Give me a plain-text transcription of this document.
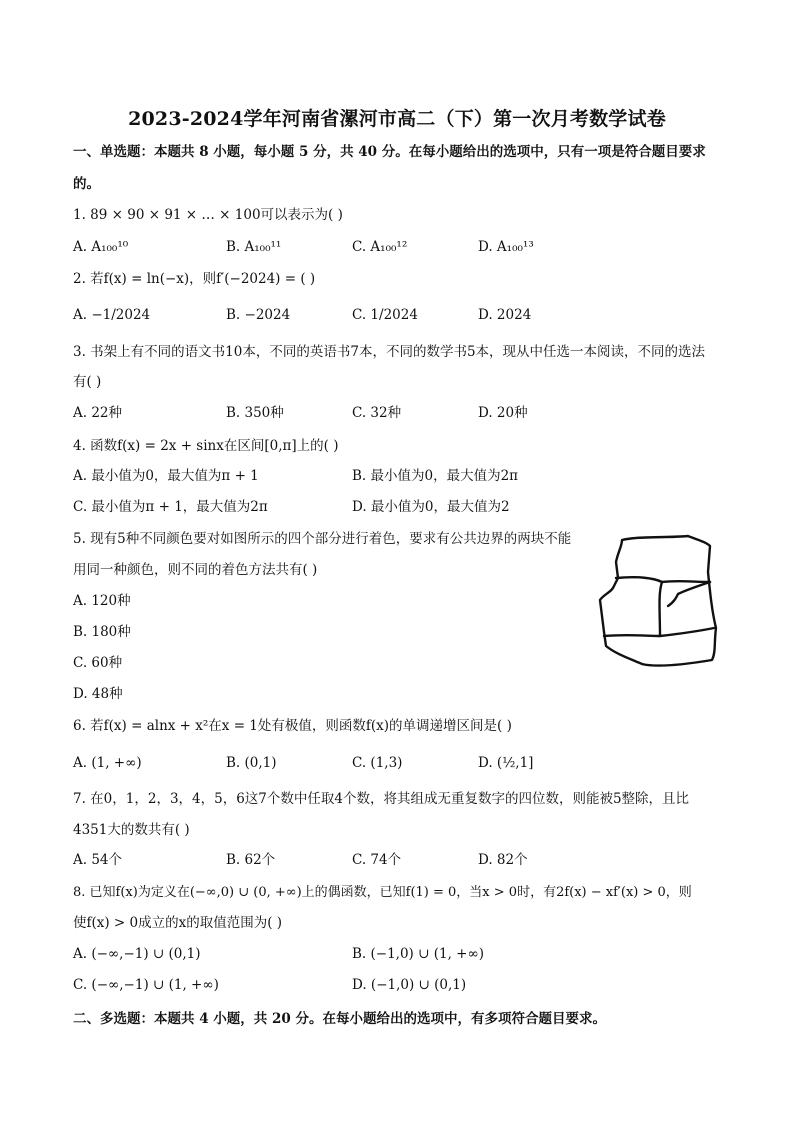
2023-2024学年河南省漯河市高二（下）第一次月考数学试卷
一、单选题：本题共 8 小题，每小题 5 分，共 40 分。在每小题给出的选项中，只有一项是符合题目要求
的。
1. 89 × 90 × 91 × … × 100可以表示为( )
A. A₁₀₀¹⁰	B. A₁₀₀¹¹	C. A₁₀₀¹²	D. A₁₀₀¹³
2. 若f(x) = ln(−x)，则f′(−2024) = ( )
A. −1/2024	B. −2024	C. 1/2024	D. 2024
3. 书架上有不同的语文书10本，不同的英语书7本，不同的数学书5本，现从中任选一本阅读，不同的选法
有( )
A. 22种	B. 350种	C. 32种	D. 20种
4. 函数f(x) = 2x + sinx在区间[0,π]上的( )
A. 最小值为0，最大值为π + 1	B. 最小值为0，最大值为2π
C. 最小值为π + 1，最大值为2π	D. 最小值为0，最大值为2
5. 现有5种不同颜色要对如图所示的四个部分进行着色，要求有公共边界的两块不能
用同一种颜色，则不同的着色方法共有( )
A. 120种
B. 180种
C. 60种
D. 48种
6. 若f(x) = alnx + x²在x = 1处有极值，则函数f(x)的单调递增区间是( )
A. (1, +∞)	B. (0,1)	C. (1,3)	D. (½,1]
7. 在0，1，2，3，4，5，6这7个数中任取4个数，将其组成无重复数字的四位数，则能被5整除，且比
4351大的数共有( )
A. 54个	B. 62个	C. 74个	D. 82个
8. 已知f(x)为定义在(−∞,0) ∪ (0, +∞)上的偶函数，已知f(1) = 0，当x > 0时，有2f(x) − xf′(x) > 0，则
使f(x) > 0成立的x的取值范围为( )
A. (−∞,−1) ∪ (0,1)	B. (−1,0) ∪ (1, +∞)
C. (−∞,−1) ∪ (1, +∞)	D. (−1,0) ∪ (0,1)
二、多选题：本题共 4 小题，共 20 分。在每小题给出的选项中，有多项符合题目要求。
